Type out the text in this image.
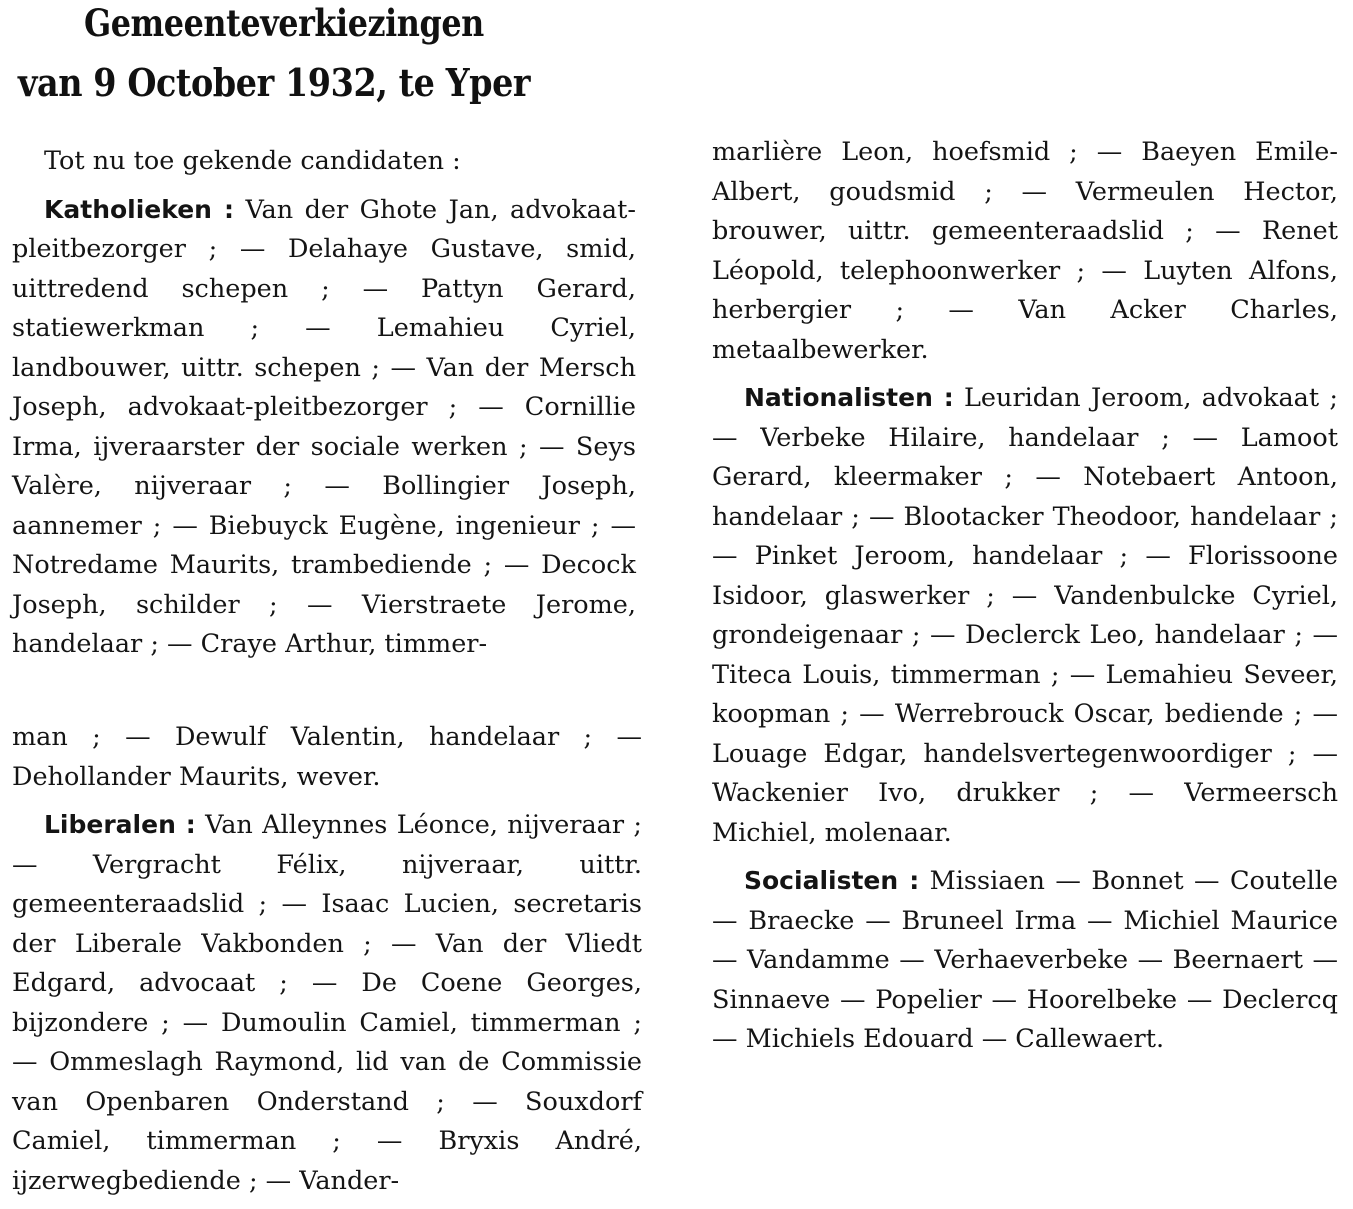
Gemeenteverkiezingen
van 9 October 1932, te Yper

Tot nu toe gekende candidaten :

Katholieken : Van der Ghote Jan, advokaat-pleitbezorger ; — Delahaye Gustave, smid, uittredend schepen ; — Pattyn Gerard, statiewerkman ; — Lemahieu Cyriel, landbouwer, uittr. schepen ; — Van der Mersch Joseph, advokaat-pleitbezorger ; — Cornillie Irma, ijveraarster der sociale werken ; — Seys Valère, nijveraar ; — Bollingier Joseph, aannemer ; — Biebuyck Eugène, ingenieur ; — Notredame Maurits, trambediende ; — Decock Joseph, schilder ; — Vierstraete Jerome, handelaar ; — Craye Arthur, timmer-

man ; — Dewulf Valentin, handelaar ; — Dehollander Maurits, wever.

Liberalen : Van Alleynnes Léonce, nijveraar ; — Vergracht Félix, nijveraar, uittr. gemeenteraadslid ; — Isaac Lucien, secretaris der Liberale Vakbonden ; — Van der Vliedt Edgard, advocaat ; — De Coene Georges, bijzondere ; — Dumoulin Camiel, timmerman ; — Ommeslagh Raymond, lid van de Commissie van Openbaren Onderstand ; — Souxdorf Camiel, timmerman ; — Bryxis André, ijzerwegbediende ; — Vander-

marlière Leon, hoefsmid ; — Baeyen Emile-Albert, goudsmid ; — Vermeulen Hector, brouwer, uittr. gemeenteraadslid ; — Renet Léopold, telephoonwerker ; — Luyten Alfons, herbergier ; — Van Acker Charles, metaalbewerker.

Nationalisten : Leuridan Jeroom, advokaat ; — Verbeke Hilaire, handelaar ; — Lamoot Gerard, kleermaker ; — Notebaert Antoon, handelaar ; — Blootacker Theodoor, handelaar ; — Pinket Jeroom, handelaar ; — Florissoone Isidoor, glaswerker ; — Vandenbulcke Cyriel, grondeigenaar ; — Declerck Leo, handelaar ; — Titeca Louis, timmerman ; — Lemahieu Seveer, koopman ; — Werrebrouck Oscar, bediende ; — Louage Edgar, handelsvertegenwoordiger ; — Wackenier Ivo, drukker ; — Vermeersch Michiel, molenaar.

Socialisten : Missiaen — Bonnet — Coutelle — Braecke — Bruneel Irma — Michiel Maurice — Vandamme — Verhaeverbeke — Beernaert — Sinnaeve — Popelier — Hoorelbeke — Declercq — Michiels Edouard — Callewaert.
